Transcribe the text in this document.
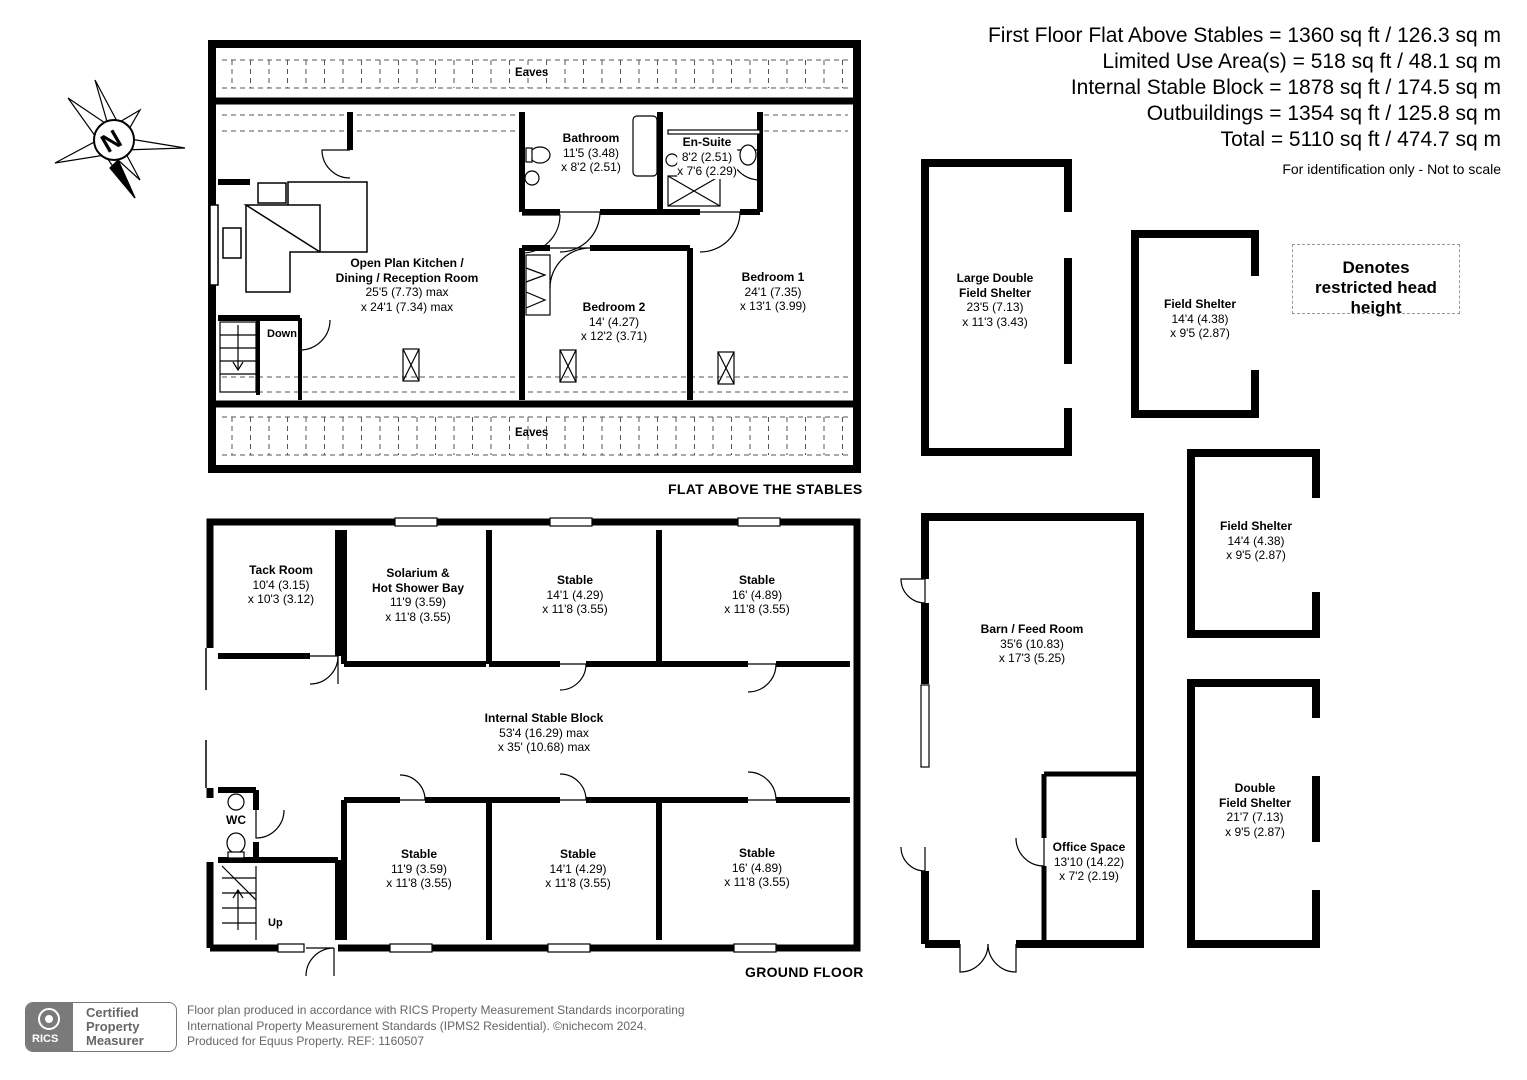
N
First Floor Flat Above Stables = 1360 sq ft / 126.3 sq m
Limited Use Area(s) = 518 sq ft / 48.1 sq m
Internal Stable Block = 1878 sq ft / 174.5 sq m
Outbuildings = 1354 sq ft / 125.8 sq m
Total = 5110 sq ft / 474.7 sq m
For identification only - Not to scale
Denotes restricted head height
Eaves
Eaves
Down
Up
WC
FLAT ABOVE THE STABLES
GROUND FLOOR
Open Plan Kitchen /
Dining / Reception Room
25'5 (7.73) max
x 24'1 (7.34) max
Bathroom
11'5 (3.48)
x 8'2 (2.51)
En-Suite
8'2 (2.51)
x 7'6 (2.29)
Bedroom 1
24'1 (7.35)
x 13'1 (3.99)
Bedroom 2
14' (4.27)
x 12'2 (3.71)
Tack Room
10'4 (3.15)
x 10'3 (3.12)
Solarium &
Hot Shower Bay
11'9 (3.59)
x 11'8 (3.55)
Stable
14'1 (4.29)
x 11'8 (3.55)
Stable
16' (4.89)
x 11'8 (3.55)
Internal Stable Block
53'4 (16.29) max
x 35' (10.68) max
Stable
11'9 (3.59)
x 11'8 (3.55)
Stable
14'1 (4.29)
x 11'8 (3.55)
Stable
16' (4.89)
x 11'8 (3.55)
Large Double
Field Shelter
23'5 (7.13)
x 11'3 (3.43)
Field Shelter
14'4 (4.38)
x 9'5 (2.87)
Field Shelter
14'4 (4.38)
x 9'5 (2.87)
Double
Field Shelter
21'7 (7.13)
x 9'5 (2.87)
Barn / Feed Room
35'6 (10.83)
x 17'3 (5.25)
Office Space
13'10 (14.22)
x 7'2 (2.19)
RICS
Certified
Property
Measurer
Floor plan produced in accordance with RICS Property Measurement Standards incorporating
International Property Measurement Standards (IPMS2 Residential). ©nichecom 2024.
Produced for Equus Property. REF: 1160507
